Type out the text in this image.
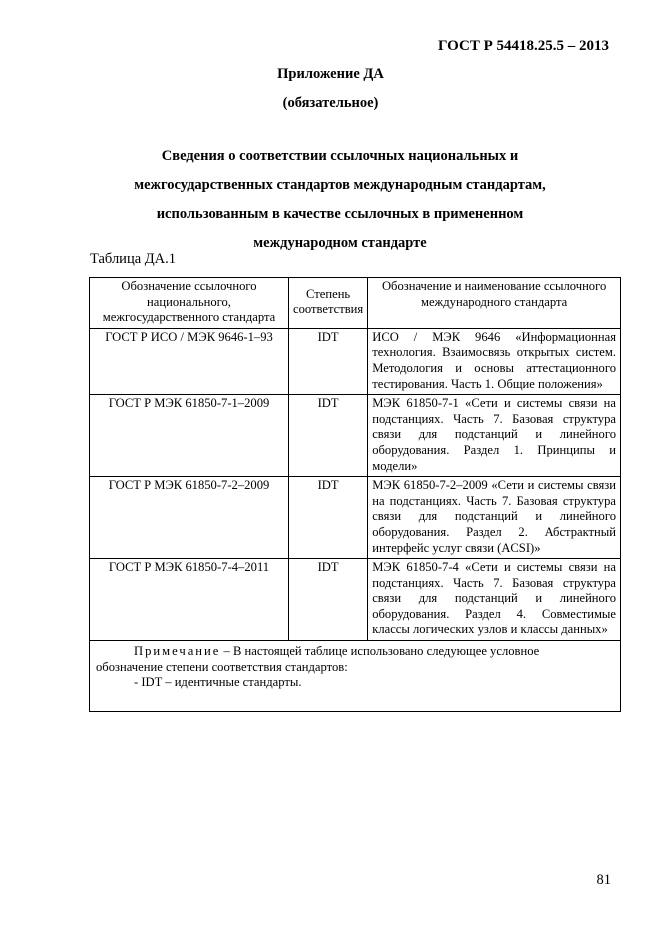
ГОСТ Р 54418.25.5 – 2013
Приложение ДА
(обязательное)
Сведения о соответствии ссылочных национальных и
межгосударственных стандартов международным стандартам,
использованным в качестве ссылочных в примененном
международном стандарте
Таблица ДА.1
Обозначение ссылочного национального, межгосударственного стандарта	Степень соответствия	Обозначение и наименование ссылочного международного стандарта
ГОСТ Р ИСО / МЭК 9646-1–93	IDT	ИСО / МЭК 9646 «Информационная технология. Взаимосвязь открытых систем. Методология и основы аттестационного тестирования. Часть 1. Общие положения»
ГОСТ Р МЭК 61850-7-1–2009	IDT	МЭК 61850-7-1 «Сети и системы связи на подстанциях. Часть 7. Базовая структура связи для подстанций и линейного оборудования. Раздел 1. Принципы и модели»
ГОСТ Р МЭК 61850-7-2–2009	IDT	МЭК 61850-7-2–2009 «Сети и системы связи на подстанциях. Часть 7. Базовая структура связи для подстанций и линейного оборудования. Раздел 2. Абстрактный интерфейс услуг связи (ACSI)»
ГОСТ Р МЭК 61850-7-4–2011	IDT	МЭК 61850-7-4 «Сети и системы связи на подстанциях. Часть 7. Базовая структура связи для подстанций и линейного оборудования. Раздел 4. Совместимые классы логических узлов и классы данных»

Примечание – В настоящей таблице использовано следующее условное
обозначение степени соответствия стандартов:
- IDT – идентичные стандарты.		
81
